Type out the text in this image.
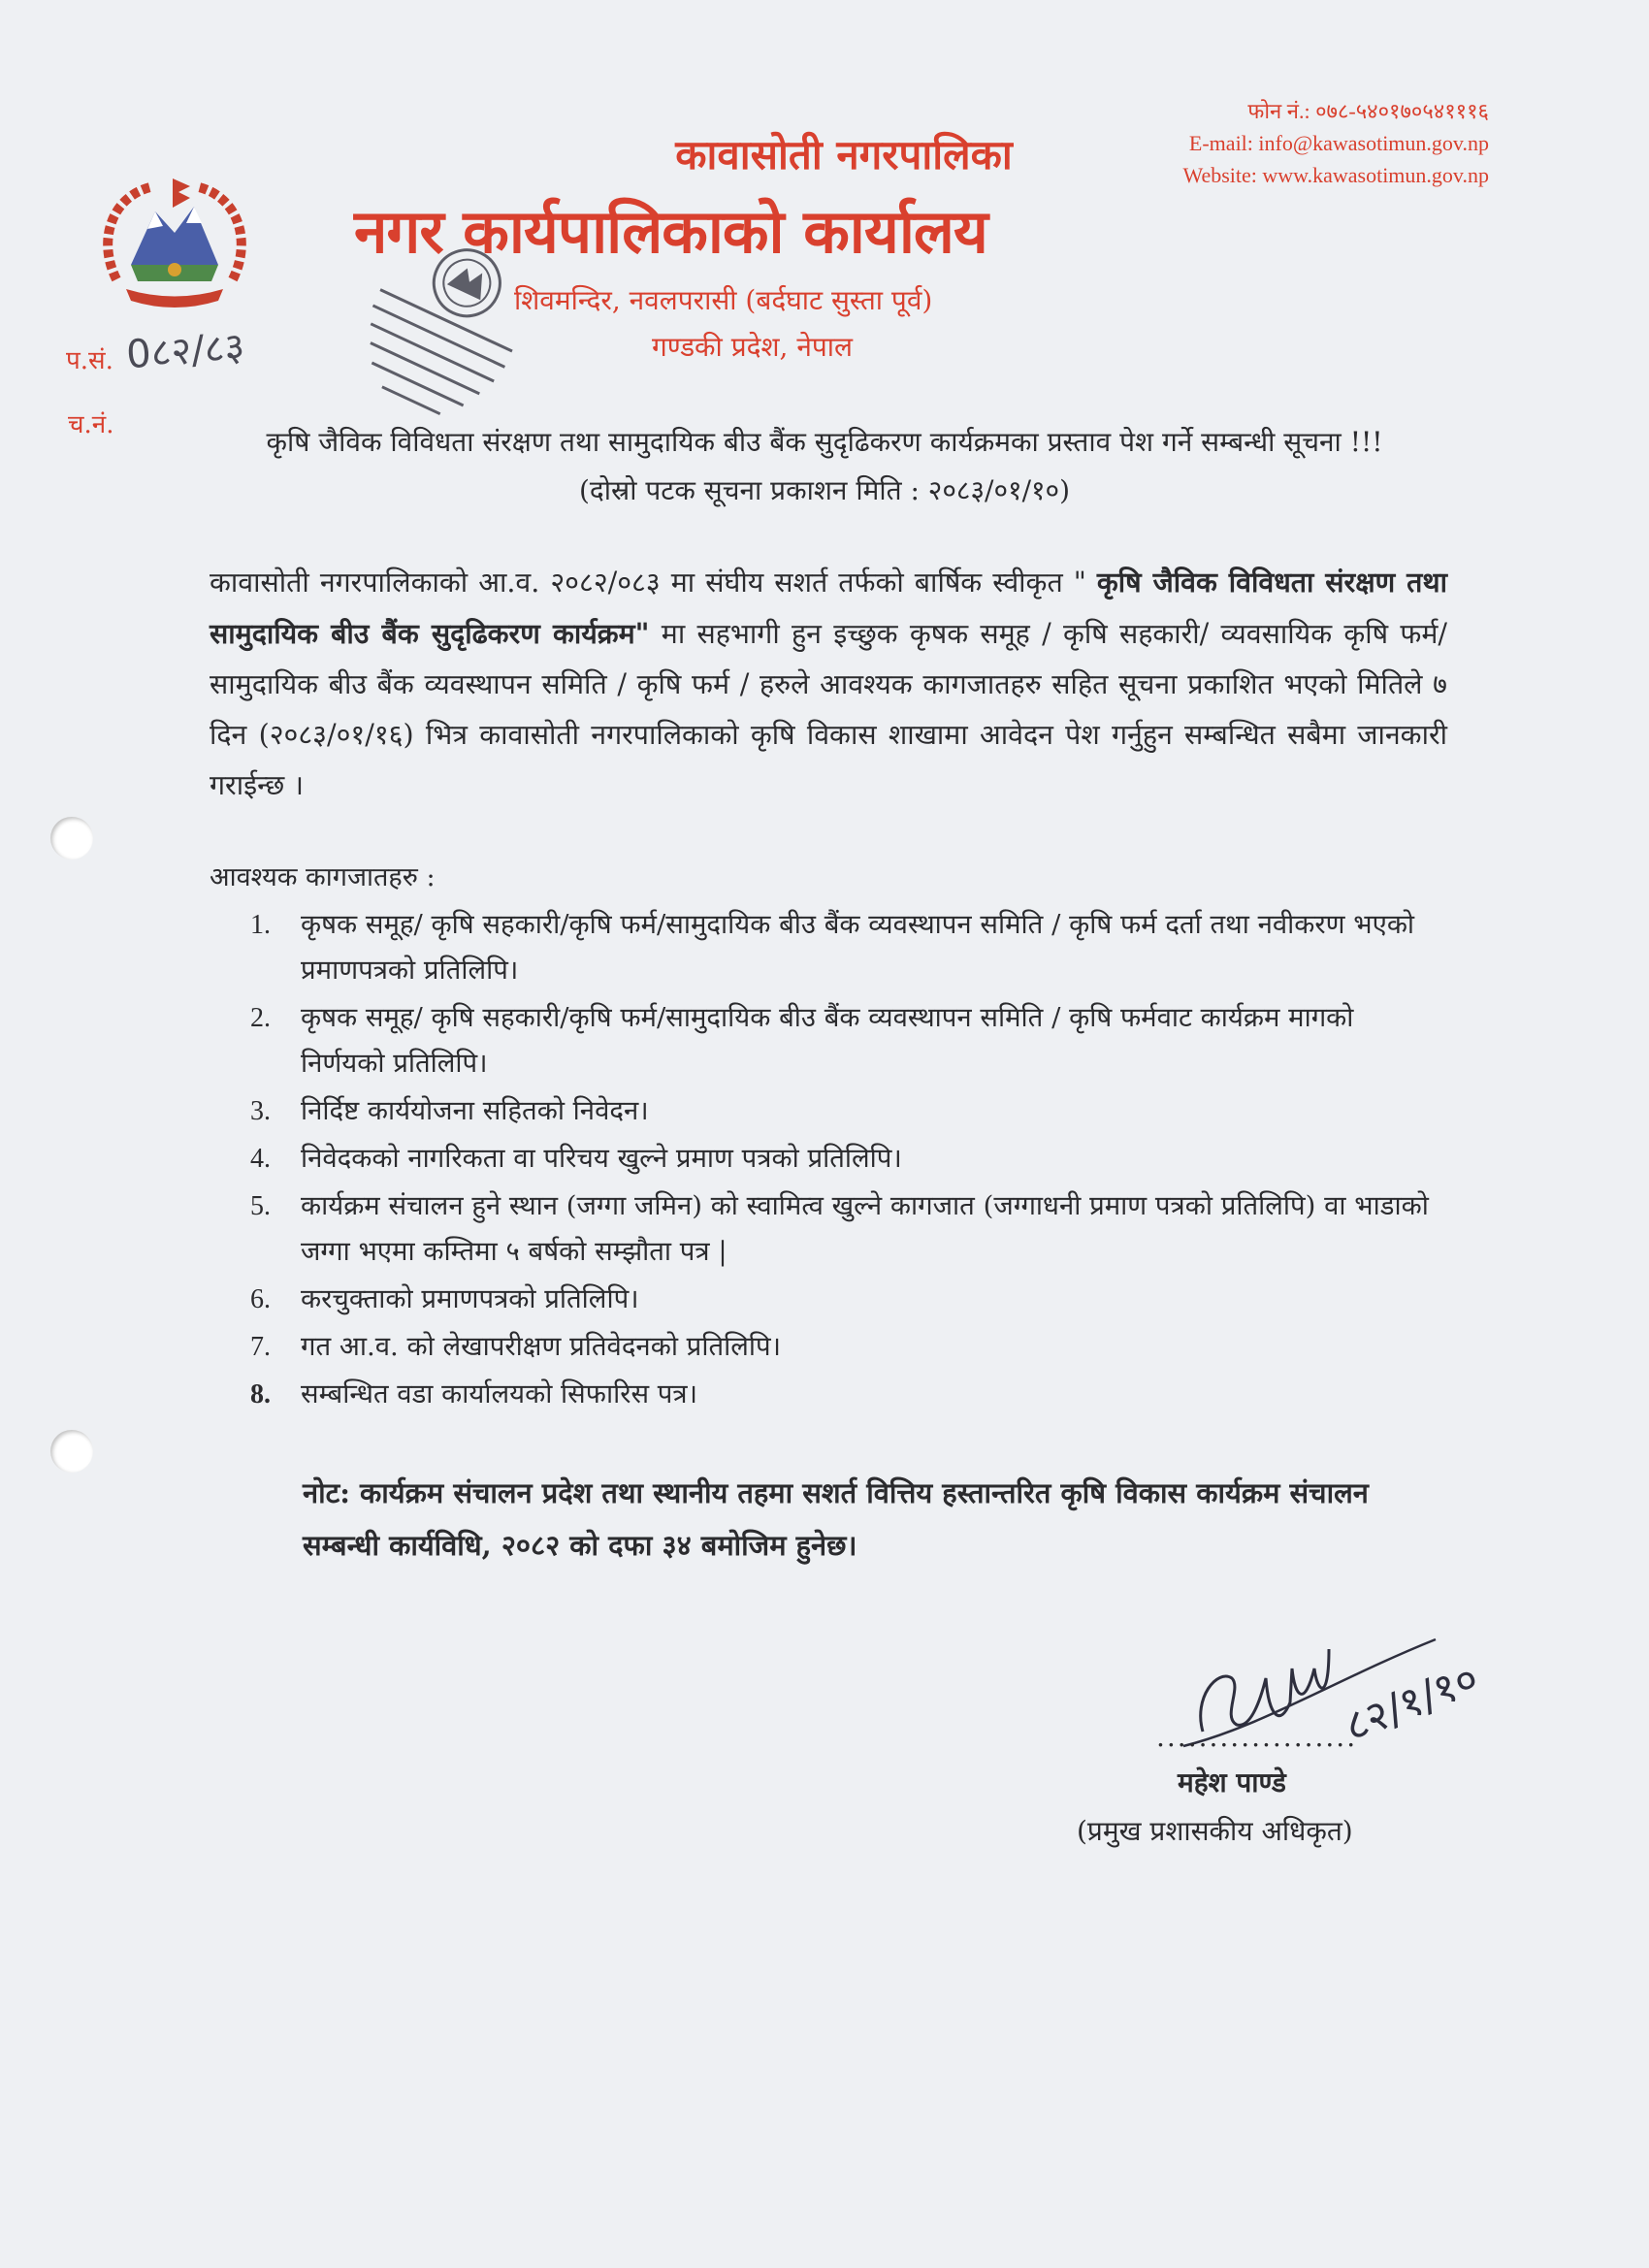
फोन नं.: ०७८-५४०१७०५४१११६
E-mail: info@kawasotimun.gov.np
Website: www.kawasotimun.gov.np
कावासोती नगरपालिका
नगर कार्यपालिकाको कार्यालय
शिवमन्दिर, नवलपरासी (बर्दघाट सुस्ता पूर्व)
गण्डकी प्रदेश, नेपाल
प.सं. 0८२/८३
च.नं.
कृषि जैविक विविधता संरक्षण तथा सामुदायिक बीउ बैंक सुदृढिकरण कार्यक्रमका प्रस्ताव पेश गर्ने सम्बन्धी सूचना !!!
(दोस्रो पटक सूचना प्रकाशन मिति : २०८३/०१/१०)
कावासोती नगरपालिकाको आ.व. २०८२/०८३ मा संघीय सशर्त तर्फको बार्षिक स्वीकृत " कृषि जैविक विविधता संरक्षण तथा सामुदायिक बीउ बैंक सुदृढिकरण कार्यक्रम" मा सहभागी हुन इच्छुक कृषक समूह / कृषि सहकारी/ व्यवसायिक कृषि फर्म/सामुदायिक बीउ बैंक व्यवस्थापन समिति / कृषि फर्म / हरुले आवश्यक कागजातहरु सहित सूचना प्रकाशित भएको मितिले ७ दिन (२०८३/०१/१६) भित्र कावासोती नगरपालिकाको कृषि विकास शाखामा आवेदन पेश गर्नुहुन सम्बन्धित सबैमा जानकारी गराईन्छ ।
आवश्यक कागजातहरु :
1. कृषक समूह/ कृषि सहकारी/कृषि फर्म/सामुदायिक बीउ बैंक व्यवस्थापन समिति / कृषि फर्म दर्ता तथा नवीकरण भएको प्रमाणपत्रको प्रतिलिपि।
2. कृषक समूह/ कृषि सहकारी/कृषि फर्म/सामुदायिक बीउ बैंक व्यवस्थापन समिति / कृषि फर्मवाट कार्यक्रम मागको निर्णयको प्रतिलिपि।
3. निर्दिष्ट कार्ययोजना सहितको निवेदन।
4. निवेदकको नागरिकता वा परिचय खुल्ने प्रमाण पत्रको प्रतिलिपि।
5. कार्यक्रम संचालन हुने स्थान (जग्गा जमिन) को स्वामित्व खुल्ने कागजात (जग्गाधनी प्रमाण पत्रको प्रतिलिपि) वा भाडाको जग्गा भएमा कम्तिमा ५ बर्षको सम्झौता पत्र |
6. करचुक्ताको प्रमाणपत्रको प्रतिलिपि।
7. गत आ.व. को लेखापरीक्षण प्रतिवेदनको प्रतिलिपि।
8. सम्बन्धित वडा कार्यालयको सिफारिस पत्र।
नोट: कार्यक्रम संचालन प्रदेश तथा स्थानीय तहमा सशर्त वित्तिय हस्तान्तरित कृषि विकास कार्यक्रम संचालन सम्बन्धी कार्यविधि, २०८२ को दफा ३४ बमोजिम हुनेछ।
८२/१/१०
...................
महेश पाण्डे
(प्रमुख प्रशासकीय अधिकृत)
